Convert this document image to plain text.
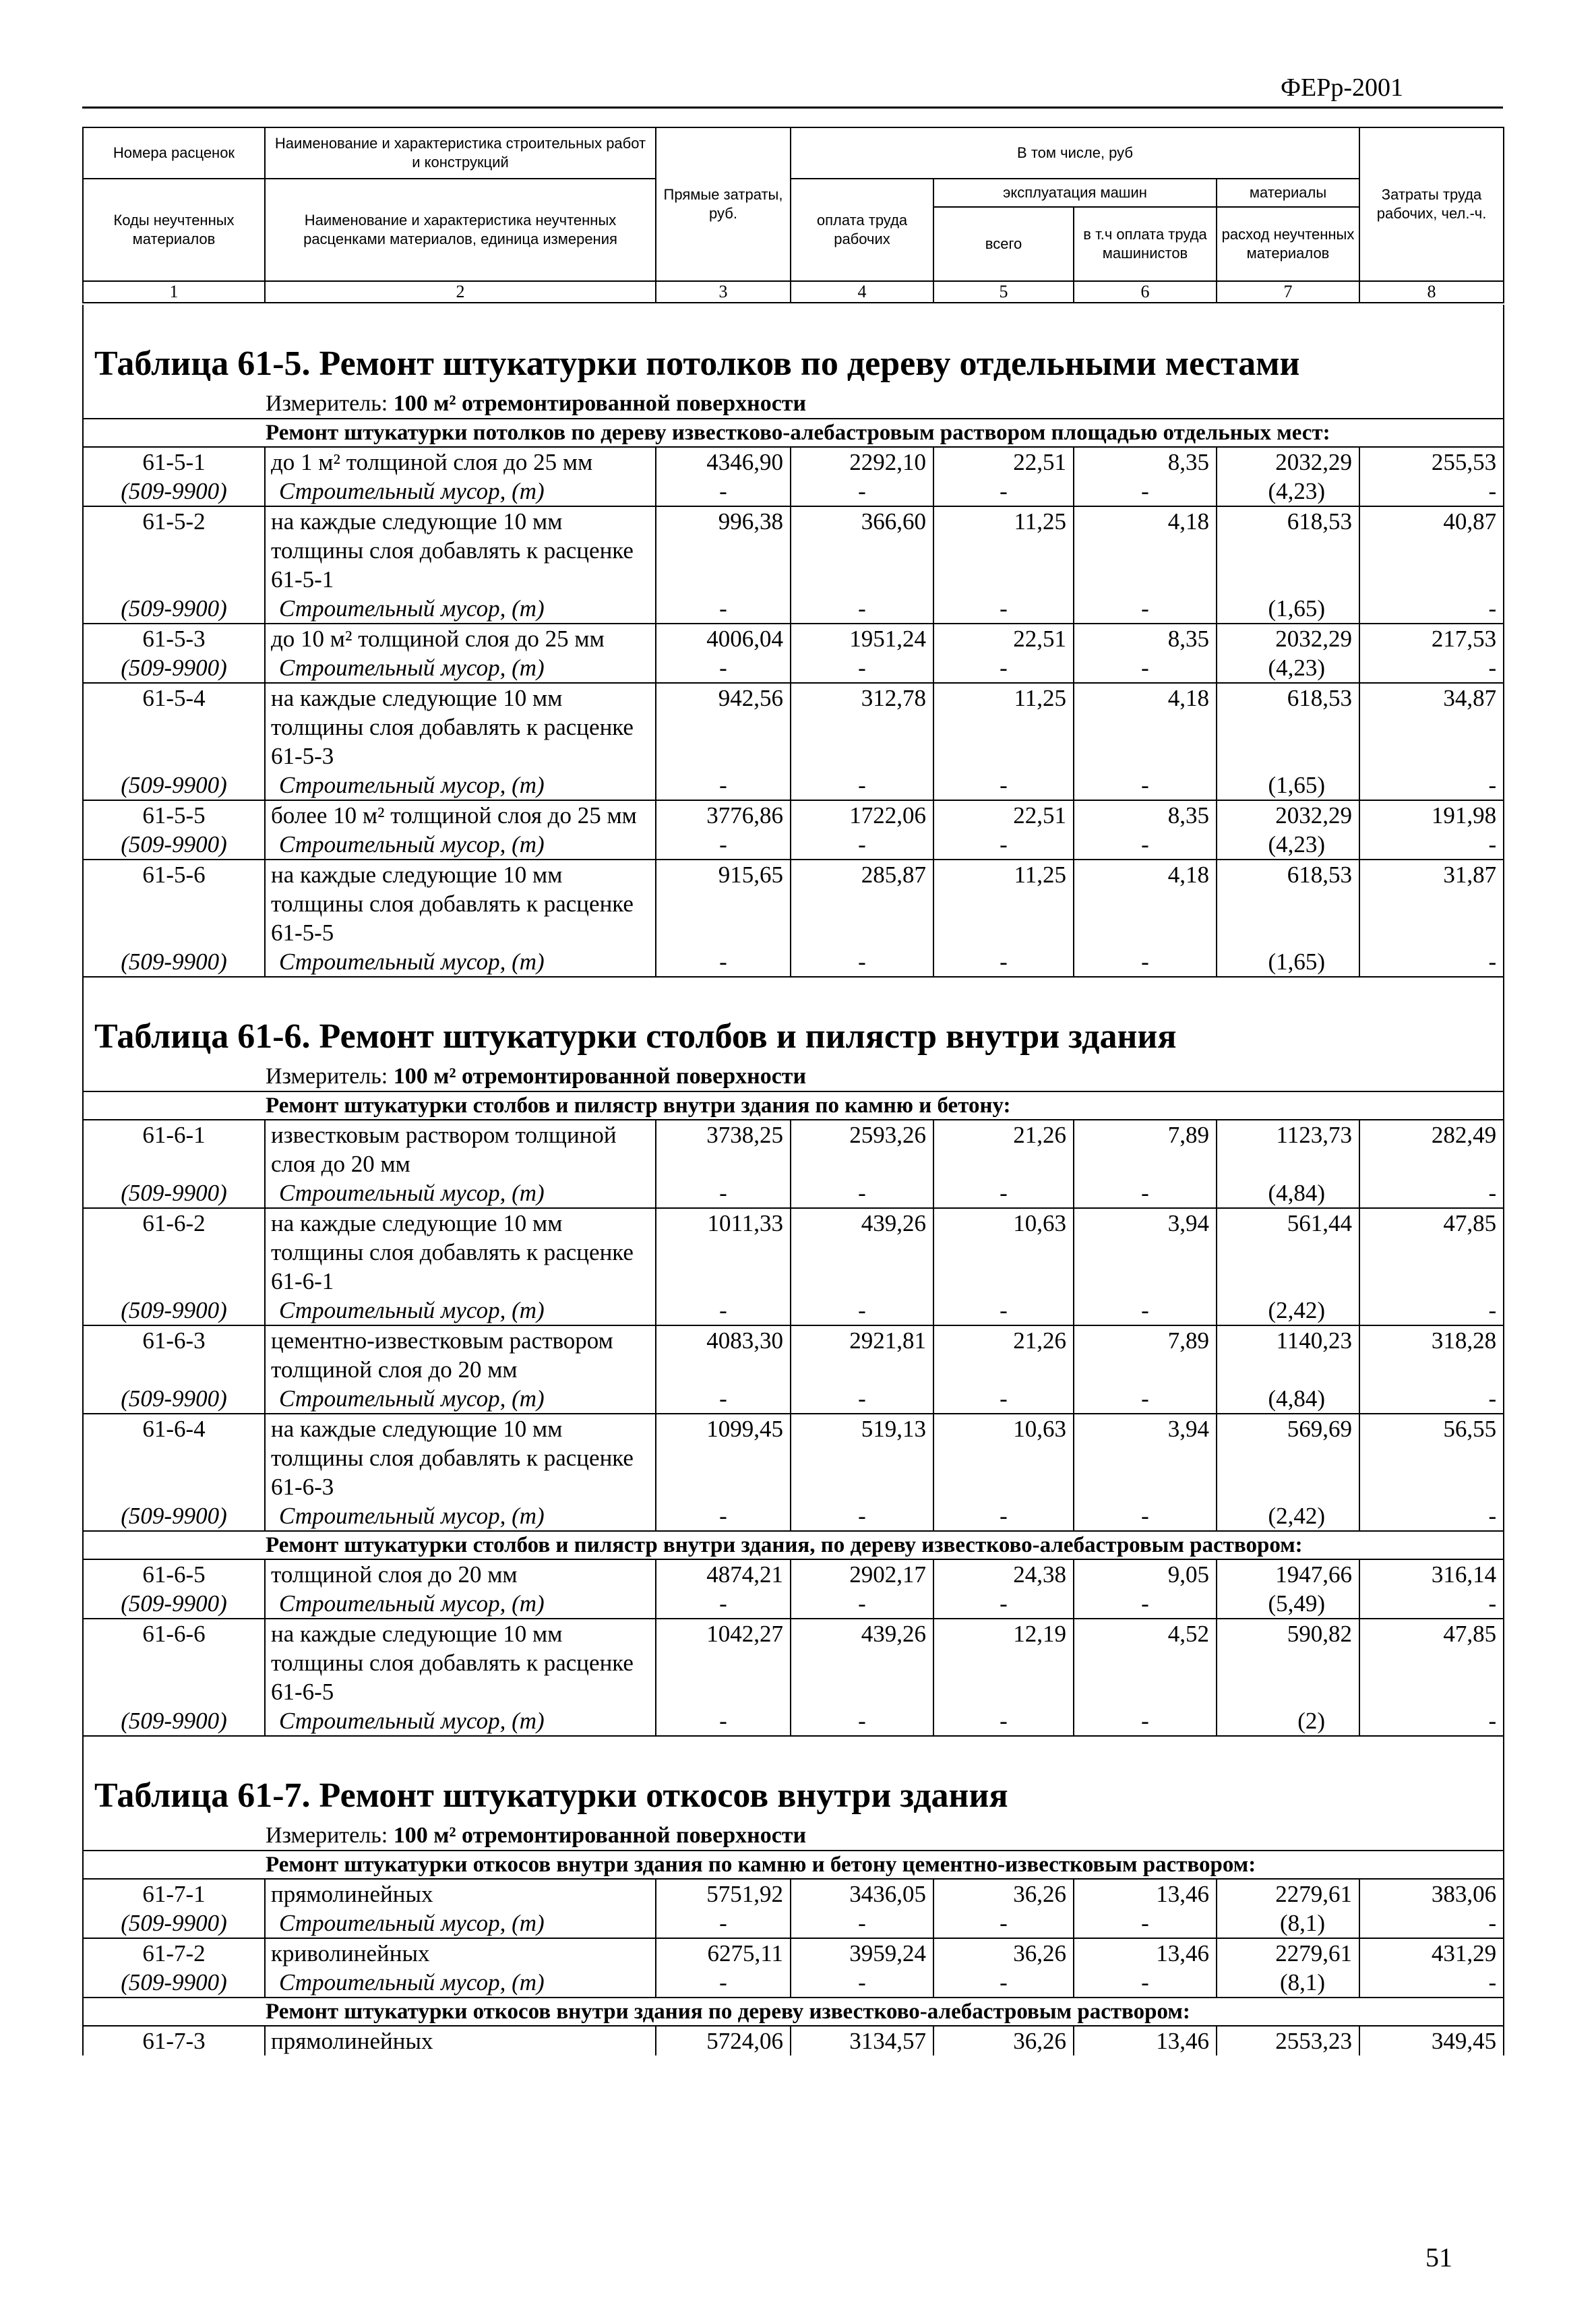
ФЕРр-2001
Номера расценок	Наименование и характеристика строительных работ и конструкций	Прямые затраты, руб.	В том числе, руб				Затраты труда рабочих, чел.-ч.
Коды неучтенных материалов	Наименование и характеристика неучтенных расценками материалов, единица измерения		оплата труда рабочих	эксплуатация машин		материалы	
				всего	в т.ч оплата труда машинистов	расход неучтенных материалов	
1	2	3	4	5	6	7	8
Таблица 61-5. Ремонт штукатурки потолков по дереву отдельными местами							
Измеритель: 100 м² отремонтированной поверхности							
Ремонт штукатурки потолков по дереву известково-алебастровым раствором площадью отдельных мест:							
61-5-1	до 1 м² толщиной слоя до 25 мм	4346,90	2292,10	22,51	8,35	2032,29	255,53
(509-9900)	Строительный мусор, (т)	-	-	-	-	(4,23)	-
61-5-2	на каждые следующие 10 мм толщины слоя добавлять к расценке 61-5-1	996,38	366,60	11,25	4,18	618,53	40,87
(509-9900)	Строительный мусор, (т)	-	-	-	-	(1,65)	-
61-5-3	до 10 м² толщиной слоя до 25 мм	4006,04	1951,24	22,51	8,35	2032,29	217,53
(509-9900)	Строительный мусор, (т)	-	-	-	-	(4,23)	-
61-5-4	на каждые следующие 10 мм толщины слоя добавлять к расценке 61-5-3	942,56	312,78	11,25	4,18	618,53	34,87
(509-9900)	Строительный мусор, (т)	-	-	-	-	(1,65)	-
61-5-5	более 10 м² толщиной слоя до 25 мм	3776,86	1722,06	22,51	8,35	2032,29	191,98
(509-9900)	Строительный мусор, (т)	-	-	-	-	(4,23)	-
61-5-6	на каждые следующие 10 мм толщины слоя добавлять к расценке 61-5-5	915,65	285,87	11,25	4,18	618,53	31,87
(509-9900)	Строительный мусор, (т)	-	-	-	-	(1,65)	-
Таблица 61-6. Ремонт штукатурки столбов и пилястр внутри здания							
Измеритель: 100 м² отремонтированной поверхности							
Ремонт штукатурки столбов и пилястр внутри здания по камню и бетону:							
61-6-1	известковым раствором толщиной слоя до 20 мм	3738,25	2593,26	21,26	7,89	1123,73	282,49
(509-9900)	Строительный мусор, (т)	-	-	-	-	(4,84)	-
61-6-2	на каждые следующие 10 мм толщины слоя добавлять к расценке 61-6-1	1011,33	439,26	10,63	3,94	561,44	47,85
(509-9900)	Строительный мусор, (т)	-	-	-	-	(2,42)	-
61-6-3	цементно-известковым раствором толщиной слоя до 20 мм	4083,30	2921,81	21,26	7,89	1140,23	318,28
(509-9900)	Строительный мусор, (т)	-	-	-	-	(4,84)	-
61-6-4	на каждые следующие 10 мм толщины слоя добавлять к расценке 61-6-3	1099,45	519,13	10,63	3,94	569,69	56,55
(509-9900)	Строительный мусор, (т)	-	-	-	-	(2,42)	-
Ремонт штукатурки столбов и пилястр внутри здания, по дереву известково-алебастровым раствором:							
61-6-5	толщиной слоя до 20 мм	4874,21	2902,17	24,38	9,05	1947,66	316,14
(509-9900)	Строительный мусор, (т)	-	-	-	-	(5,49)	-
61-6-6	на каждые следующие 10 мм толщины слоя добавлять к расценке 61-6-5	1042,27	439,26	12,19	4,52	590,82	47,85
(509-9900)	Строительный мусор, (т)	-	-	-	-	(2)	-
Таблица 61-7. Ремонт штукатурки откосов внутри здания							
Измеритель: 100 м² отремонтированной поверхности							
Ремонт штукатурки откосов внутри здания по камню и бетону цементно-известковым раствором:							
61-7-1	прямолинейных	5751,92	3436,05	36,26	13,46	2279,61	383,06
(509-9900)	Строительный мусор, (т)	-	-	-	-	(8,1)	-
61-7-2	криволинейных	6275,11	3959,24	36,26	13,46	2279,61	431,29
(509-9900)	Строительный мусор, (т)	-	-	-	-	(8,1)	-
Ремонт штукатурки откосов внутри здания по дереву известково-алебастровым раствором:							
61-7-3	прямолинейных	5724,06	3134,57	36,26	13,46	2553,23	349,45
51
